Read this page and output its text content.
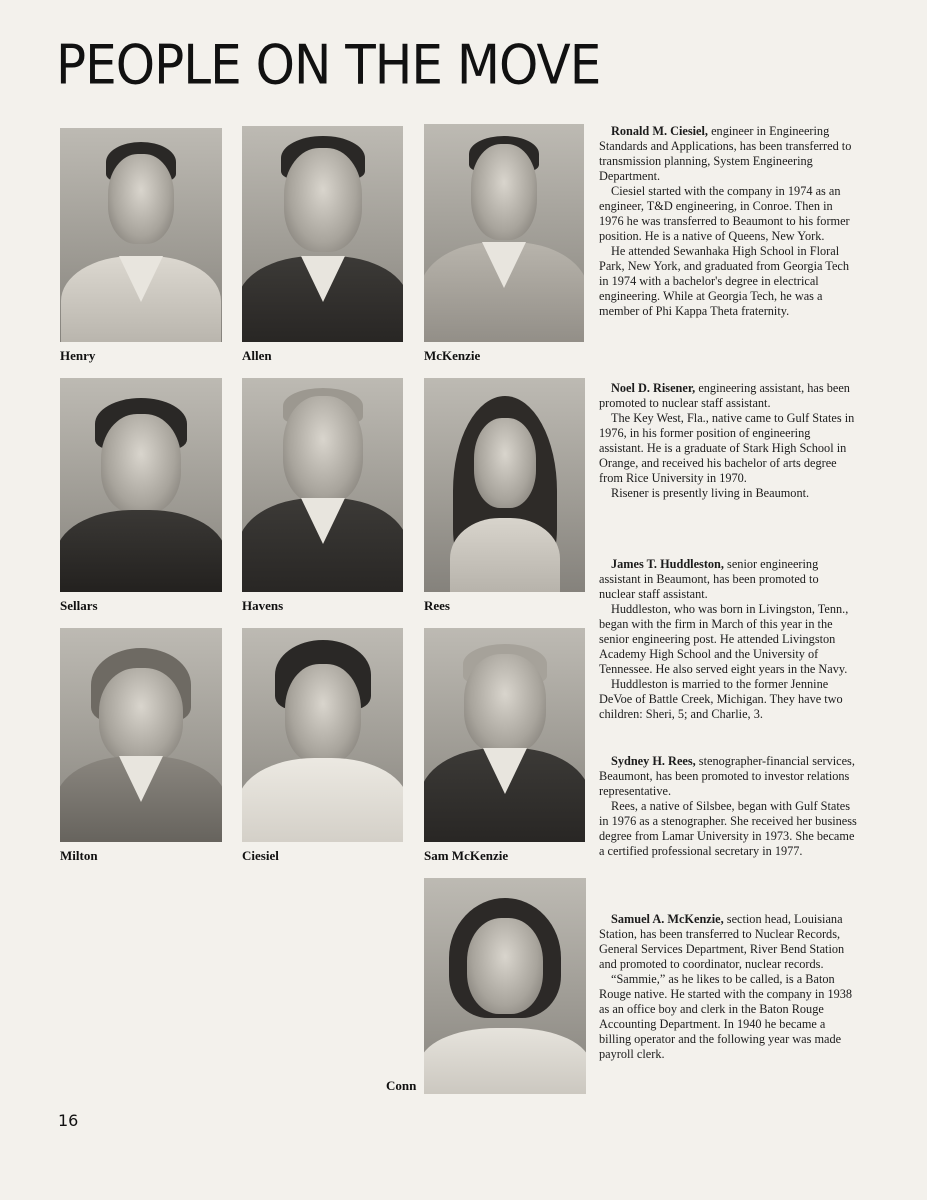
PEOPLE ON THE MOVE
Henry	Allen	McKenzie
Sellars	Havens	Rees
Milton	Ciesiel	Sam McKenzie
Conn

Ronald M. Ciesiel, engineer in Engineering Standards and Applications, has been transferred to transmission planning, System Engineering Department.

Ciesiel started with the company in 1974 as an engineer, T&D engineering, in Conroe. Then in 1976 he was transferred to Beaumont to his former position. He is a native of Queens, New York.

He attended Sewanhaka High School in Floral Park, New York, and graduated from Georgia Tech in 1974 with a bachelor's degree in electrical engineering. While at Georgia Tech, he was a member of Phi Kappa Theta fraternity.

Noel D. Risener, engineering assistant, has been promoted to nuclear staff assistant.

The Key West, Fla., native came to Gulf States in 1976, in his former position of engineering assistant. He is a graduate of Stark High School in Orange, and received his bachelor of arts degree from Rice University in 1970.

Risener is presently living in Beaumont.

James T. Huddleston, senior engineering assistant in Beaumont, has been promoted to nuclear staff assistant.

Huddleston, who was born in Livingston, Tenn., began with the firm in March of this year in the senior engineering post. He attended Livingston Academy High School and the University of Tennessee. He also served eight years in the Navy.

Huddleston is married to the former Jennine DeVoe of Battle Creek, Michigan. They have two children: Sheri, 5; and Charlie, 3.

Sydney H. Rees, stenographer-financial services, Beaumont, has been promoted to investor relations representative.

Rees, a native of Silsbee, began with Gulf States in 1976 as a stenographer. She received her business degree from Lamar University in 1973. She became a certified professional secretary in 1977.

Samuel A. McKenzie, section head, Louisiana Station, has been transferred to Nuclear Records, General Services Department, River Bend Station and promoted to coordinator, nuclear records.

“Sammie,” as he likes to be called, is a Baton Rouge native. He started with the company in 1938 as an office boy and clerk in the Baton Rouge Accounting Department. In 1940 he became a billing operator and the following year was made payroll clerk.

16
